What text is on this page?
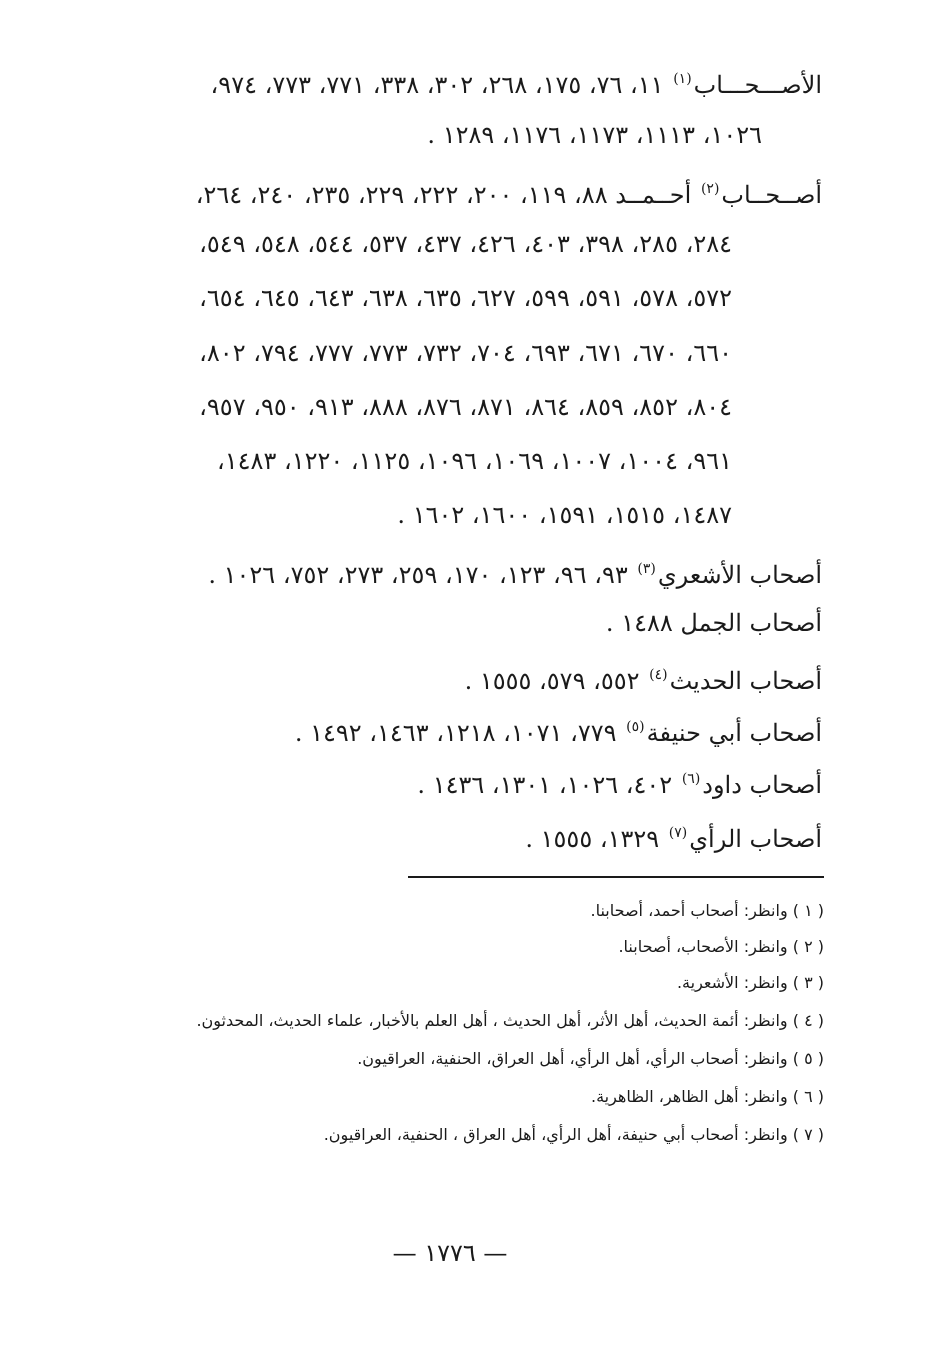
الأصـــحـــاب$^{(١)}$ ١١، ٧٦، ١٧٥، ٢٦٨، ٣٠٢، ٣٣٨، ٧٧١، ٧٧٣، ٩٧٤،
١٠٢٦، ١١١٣، ١١٧٣، ١١٧٦، ١٢٨٩ .
أصــحــاب$^{(٢)}$ أحــمــد ٨٨، ١١٩، ٢٠٠، ٢٢٢، ٢٢٩، ٢٣٥، ٢٤٠، ٢٦٤،
٢٨٤، ٢٨٥، ٣٩٨، ٤٠٣، ٤٢٦، ٤٣٧، ٥٣٧، ٥٤٤، ٥٤٨، ٥٤٩،
٥٧٢، ٥٧٨، ٥٩١، ٥٩٩، ٦٢٧، ٦٣٥، ٦٣٨، ٦٤٣، ٦٤٥، ٦٥٤،
٦٦٠، ٦٧٠، ٦٧١، ٦٩٣، ٧٠٤، ٧٣٢، ٧٧٣، ٧٧٧، ٧٩٤، ٨٠٢،
٨٠٤، ٨٥٢، ٨٥٩، ٨٦٤، ٨٧١، ٨٧٦، ٨٨٨، ٩١٣، ٩٥٠، ٩٥٧،
٩٦١، ١٠٠٤، ١٠٠٧، ١٠٦٩، ١٠٩٦، ١١٢٥، ١٢٢٠، ١٤٨٣،
١٤٨٧، ١٥١٥، ١٥٩١، ١٦٠٠، ١٦٠٢ .
أصحاب الأشعري$^{(٣)}$ ٩٣، ٩٦، ١٢٣، ١٧٠، ٢٥٩، ٢٧٣، ٧٥٢، ١٠٢٦ .
أصحاب الجمل ١٤٨٨ .
أصحاب الحديث$^{(٤)}$ ٥٥٢، ٥٧٩، ١٥٥٥ .
أصحاب أبي حنيفة$^{(٥)}$ ٧٧٩، ١٠٧١، ١٢١٨، ١٤٦٣، ١٤٩٢ .
أصحاب داود$^{(٦)}$ ٤٠٢، ١٠٢٦، ١٣٠١، ١٤٣٦ .
أصحاب الرأي$^{(٧)}$ ١٣٢٩، ١٥٥٥ .
( ١ ) وانظر: أصحاب أحمد، أصحابنا.
( ٢ ) وانظر: الأصحاب، أصحابنا.
( ٣ ) وانظر: الأشعرية.
( ٤ ) وانظر: أئمة الحديث، أهل الأثر، أهل الحديث ، أهل العلم بالأخبار، علماء الحديث، المحدثون.
( ٥ ) وانظر: أصحاب الرأي، أهل الرأي، أهل العراق، الحنفية، العراقيون.
( ٦ ) وانظر: أهل الظاهر، الظاهرية.
( ٧ ) وانظر: أصحاب أبي حنيفة، أهل الرأي، أهل العراق ، الحنفية، العراقيون.
— ١٧٧٦ —
